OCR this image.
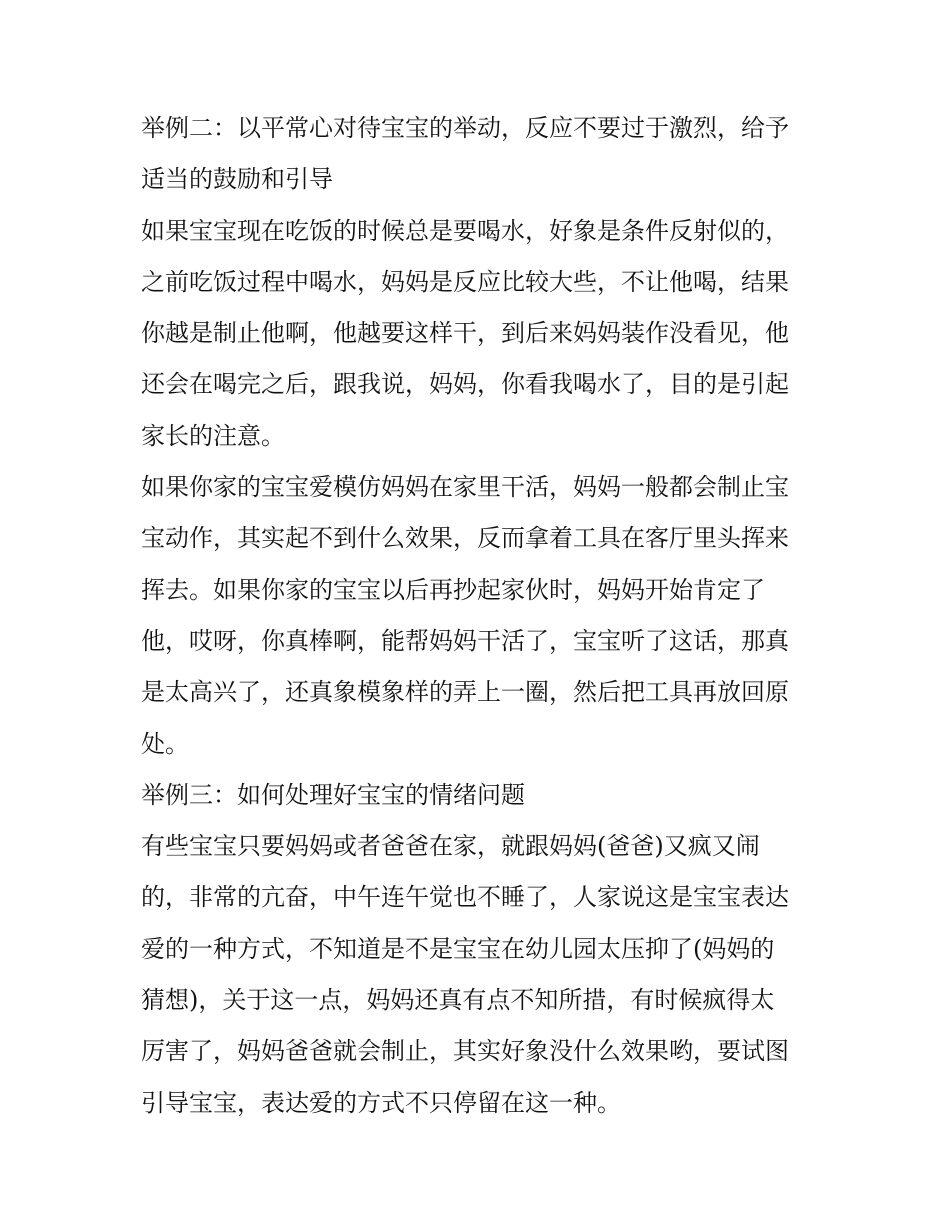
举例二：以平常心对待宝宝的举动，反应不要过于激烈，给予
适当的鼓励和引导
如果宝宝现在吃饭的时候总是要喝水，好象是条件反射似的，
之前吃饭过程中喝水，妈妈是反应比较大些，不让他喝，结果
你越是制止他啊，他越要这样干，到后来妈妈装作没看见，他
还会在喝完之后，跟我说，妈妈，你看我喝水了，目的是引起
家长的注意。
如果你家的宝宝爱模仿妈妈在家里干活，妈妈一般都会制止宝
宝动作，其实起不到什么效果，反而拿着工具在客厅里头挥来
挥去。如果你家的宝宝以后再抄起家伙时，妈妈开始肯定了
他，哎呀，你真棒啊，能帮妈妈干活了，宝宝听了这话，那真
是太高兴了，还真象模象样的弄上一圈，然后把工具再放回原
处。
举例三：如何处理好宝宝的情绪问题
有些宝宝只要妈妈或者爸爸在家，就跟妈妈(爸爸)又疯又闹
的，非常的亢奋，中午连午觉也不睡了，人家说这是宝宝表达
爱的一种方式，不知道是不是宝宝在幼儿园太压抑了(妈妈的
猜想)，关于这一点，妈妈还真有点不知所措，有时候疯得太
厉害了，妈妈爸爸就会制止，其实好象没什么效果哟，要试图
引导宝宝，表达爱的方式不只停留在这一种。
